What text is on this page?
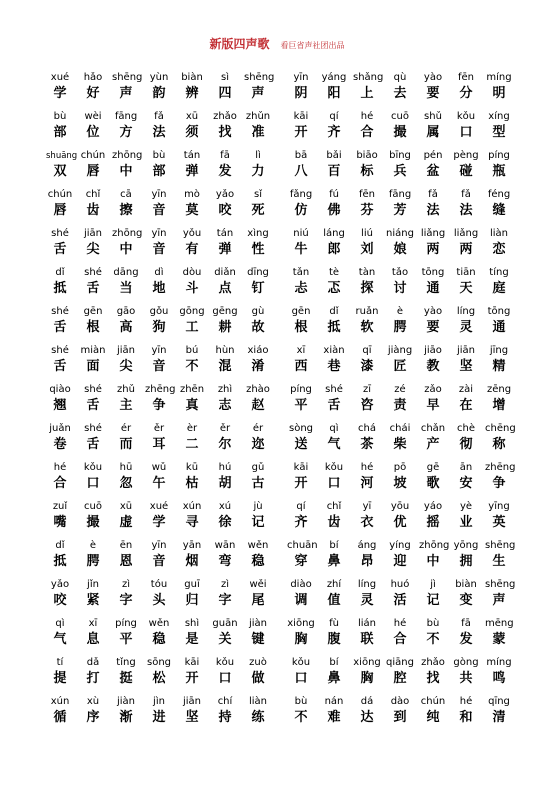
新版四声歌 看巨省声社团出品
xué
学
hǎo
好
shēng
声
yùn
韵
biàn
辨
sì
四
shēng
声
yīn
阴
yáng
阳
shǎng
上
qù
去
yào
要
fēn
分
míng
明
bù
部
wèi
位
fāng
方
fǎ
法
xū
须
zhǎo
找
zhǔn
准
kāi
开
qí
齐
hé
合
cuō
撮
shǔ
属
kǒu
口
xíng
型
shuāng
双
chún
唇
zhōng
中
bù
部
tán
弹
fā
发
lì
力
bā
八
bǎi
百
biāo
标
bīng
兵
pén
盆
pèng
碰
píng
瓶
chún
唇
chǐ
齿
cā
擦
yīn
音
mò
莫
yǎo
咬
sǐ
死
fǎng
仿
fú
佛
fēn
芬
fāng
芳
fǎ
法
fǎ
法
féng
缝
shé
舌
jiān
尖
zhōng
中
yīn
音
yǒu
有
tán
弹
xìng
性
niú
牛
láng
郎
liú
刘
niáng
娘
liǎng
两
liǎng
两
liàn
恋
dǐ
抵
shé
舌
dāng
当
dì
地
dòu
斗
diǎn
点
dīng
钉
tǎn
忐
tè
忑
tàn
探
tǎo
讨
tōng
通
tiān
天
tíng
庭
shé
舌
gēn
根
gāo
高
gǒu
狗
gōng
工
gēng
耕
gù
故
gēn
根
dǐ
抵
ruǎn
软
è
腭
yào
要
líng
灵
tōng
通
shé
舌
miàn
面
jiān
尖
yīn
音
bú
不
hùn
混
xiáo
淆
xī
西
xiàn
巷
qī
漆
jiàng
匠
jiāo
教
jiān
坚
jīng
精
qiào
翘
shé
舌
zhǔ
主
zhēng
争
zhēn
真
zhì
志
zhào
赵
píng
平
shé
舌
zī
咨
zé
责
zǎo
早
zài
在
zēng
增
juǎn
卷
shé
舌
ér
而
ěr
耳
èr
二
ěr
尔
ér
迩
sòng
送
qì
气
chá
茶
chái
柴
chǎn
产
chè
彻
chēng
称
hé
合
kǒu
口
hū
忽
wǔ
午
kū
枯
hú
胡
gǔ
古
kāi
开
kǒu
口
hé
河
pō
坡
gē
歌
ān
安
zhēng
争
zuǐ
嘴
cuō
撮
xū
虚
xué
学
xún
寻
xú
徐
jù
记
qí
齐
chǐ
齿
yī
衣
yōu
优
yáo
摇
yè
业
yīng
英
dǐ
抵
è
腭
ēn
恩
yīn
音
yān
烟
wān
弯
wěn
稳
chuān
穿
bí
鼻
áng
昂
yíng
迎
zhōng
中
yōng
拥
shēng
生
yǎo
咬
jǐn
紧
zì
字
tóu
头
guī
归
zì
字
wěi
尾
diào
调
zhí
值
líng
灵
huó
活
jì
记
biàn
变
shēng
声
qì
气
xī
息
píng
平
wěn
稳
shì
是
guān
关
jiàn
键
xiōng
胸
fù
腹
lián
联
hé
合
bù
不
fā
发
mēng
蒙
tí
提
dǎ
打
tǐng
挺
sōng
松
kāi
开
kǒu
口
zuò
做
kǒu
口
bí
鼻
xiōng
胸
qiāng
腔
zhǎo
找
gòng
共
míng
鸣
xún
循
xù
序
jiàn
渐
jìn
进
jiān
坚
chí
持
liàn
练
bù
不
nán
难
dá
达
dào
到
chún
纯
hé
和
qīng
清
